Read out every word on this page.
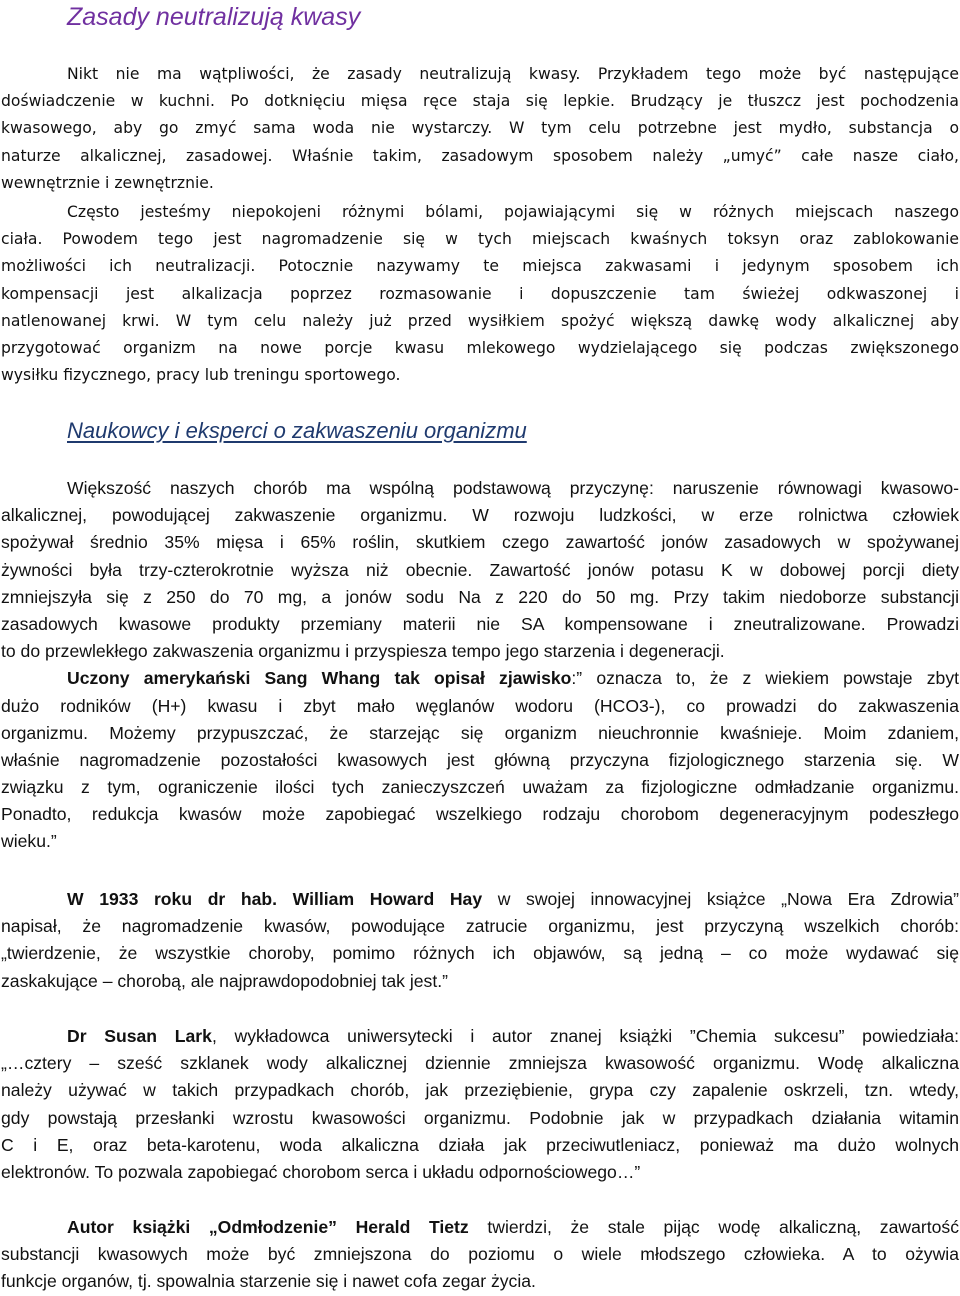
Zasady neutralizują kwasy
Nikt nie ma wątpliwości, że zasady neutralizują kwasy. Przykładem tego może być następujące
doświadczenie w kuchni. Po dotknięciu mięsa ręce staja się lepkie. Brudzący je tłuszcz jest pochodzenia
kwasowego, aby go zmyć sama woda nie wystarczy. W tym celu potrzebne jest mydło, substancja o
naturze alkalicznej, zasadowej. Właśnie takim, zasadowym sposobem należy „umyć” całe nasze ciało,
wewnętrznie i zewnętrznie.
Często jesteśmy niepokojeni różnymi bólami, pojawiającymi się w różnych miejscach naszego
ciała. Powodem tego jest nagromadzenie się w tych miejscach kwaśnych toksyn oraz zablokowanie
możliwości ich neutralizacji. Potocznie nazywamy te miejsca zakwasami i jedynym sposobem ich
kompensacji jest alkalizacja poprzez rozmasowanie i dopuszczenie tam świeżej odkwaszonej i
natlenowanej krwi. W tym celu należy już przed wysiłkiem spożyć większą dawkę wody alkalicznej aby
przygotować organizm na nowe porcje kwasu mlekowego wydzielającego się podczas zwiększonego
wysiłku fizycznego, pracy lub treningu sportowego.
Naukowcy i eksperci o zakwaszeniu organizmu
Większość naszych chorób ma wspólną podstawową przyczynę: naruszenie równowagi kwasowo-
alkalicznej, powodującej zakwaszenie organizmu. W rozwoju ludzkości, w erze rolnictwa człowiek
spożywał średnio 35% mięsa i 65% roślin, skutkiem czego zawartość jonów zasadowych w spożywanej
żywności była trzy-czterokrotnie wyższa niż obecnie. Zawartość jonów potasu K w dobowej porcji diety
zmniejszyła się z 250 do 70 mg, a jonów sodu Na z 220 do 50 mg. Przy takim niedoborze substancji
zasadowych kwasowe produkty przemiany materii nie SA kompensowane i zneutralizowane. Prowadzi
to do przewlekłego zakwaszenia organizmu i przyspiesza tempo jego starzenia i degeneracji.
Uczony amerykański Sang Whang tak opisał zjawisko:” oznacza to, że z wiekiem powstaje zbyt
dużo rodników (H+) kwasu i zbyt mało węglanów wodoru (HCO3-), co prowadzi do zakwaszenia
organizmu. Możemy przypuszczać, że starzejąc się organizm nieuchronnie kwaśnieje. Moim zdaniem,
właśnie nagromadzenie pozostałości kwasowych jest główną przyczyna fizjologicznego starzenia się. W
związku z tym, ograniczenie ilości tych zanieczyszczeń uważam za fizjologiczne odmładzanie organizmu.
Ponadto, redukcja kwasów może zapobiegać wszelkiego rodzaju chorobom degeneracyjnym podeszłego
wieku.”
W 1933 roku dr hab. William Howard Hay w swojej innowacyjnej książce „Nowa Era Zdrowia”
napisał, że nagromadzenie kwasów, powodujące zatrucie organizmu, jest przyczyną wszelkich chorób:
„twierdzenie, że wszystkie choroby, pomimo różnych ich objawów, są jedną – co może wydawać się
zaskakujące – chorobą, ale najprawdopodobniej tak jest.”
Dr Susan Lark, wykładowca uniwersytecki i autor znanej książki ”Chemia sukcesu” powiedziała:
„…cztery – sześć szklanek wody alkalicznej dziennie zmniejsza kwasowość organizmu. Wodę alkaliczna
należy używać w takich przypadkach chorób, jak przeziębienie, grypa czy zapalenie oskrzeli, tzn. wtedy,
gdy powstają przesłanki wzrostu kwasowości organizmu. Podobnie jak w przypadkach działania witamin
C i E, oraz beta-karotenu, woda alkaliczna działa jak przeciwutleniacz, ponieważ ma dużo wolnych
elektronów. To pozwala zapobiegać chorobom serca i układu odpornościowego…”
Autor książki „Odmłodzenie” Herald Tietz twierdzi, że stale pijąc wodę alkaliczną, zawartość
substancji kwasowych może być zmniejszona do poziomu o wiele młodszego człowieka. A to ożywia
funkcje organów, tj. spowalnia starzenie się i nawet cofa zegar życia.
